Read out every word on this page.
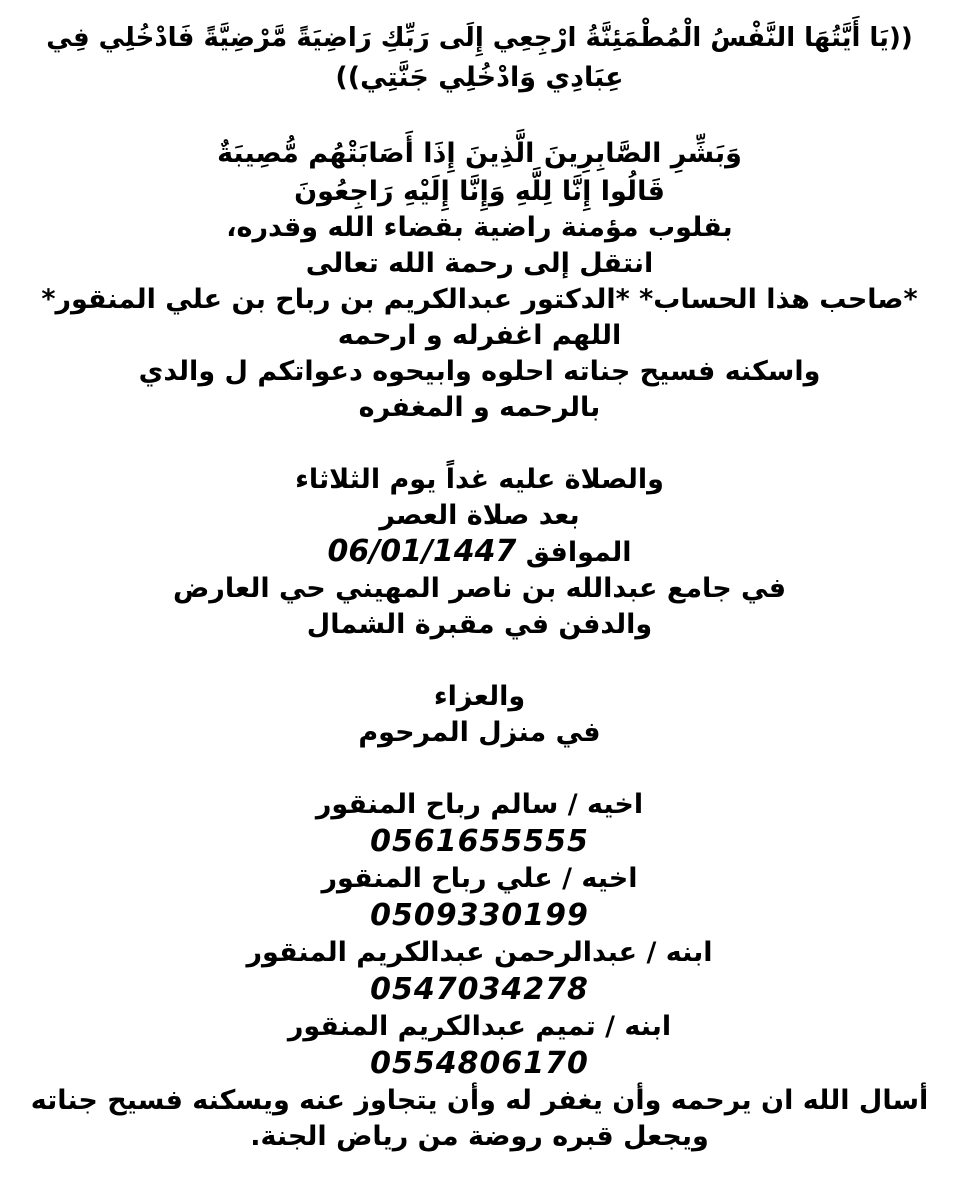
((يَا أَيَّتُهَا النَّفْسُ الْمُطْمَئِنَّةُ ارْجِعِي إِلَى رَبِّكِ رَاضِيَةً مَّرْضِيَّةً فَادْخُلِي فِي
عِبَادِي وَادْخُلِي جَنَّتِي))
وَبَشِّرِ الصَّابِرِينَ الَّذِينَ إِذَا أَصَابَتْهُم مُّصِيبَةٌ
قَالُوا إِنَّا لِلَّهِ وَإِنَّا إِلَيْهِ رَاجِعُونَ
بقلوب مؤمنة راضية بقضاء الله وقدره،
انتقل إلى رحمة الله تعالى
*صاحب هذا الحساب* *الدكتور عبدالكريم بن رباح بن علي المنقور*
اللهم اغفرله و ارحمه
واسكنه فسيح جناته احلوه وابيحوه دعواتكم ل والدي
بالرحمه و المغفره
والصلاة عليه غداً يوم الثلاثاء
بعد صلاة العصر
الموافق 06/01/1447
في جامع عبدالله بن ناصر المهيني حي العارض
والدفن في مقبرة الشمال
والعزاء
في منزل المرحوم
اخيه / سالم رباح المنقور
0561655555
اخيه / علي رباح المنقور
0509330199
ابنه / عبدالرحمن عبدالكريم المنقور
0547034278
ابنه / تميم عبدالكريم المنقور
0554806170
أسال الله ان يرحمه وأن يغفر له وأن يتجاوز عنه ويسكنه فسيح جناته
ويجعل قبره روضة من رياض الجنة.
